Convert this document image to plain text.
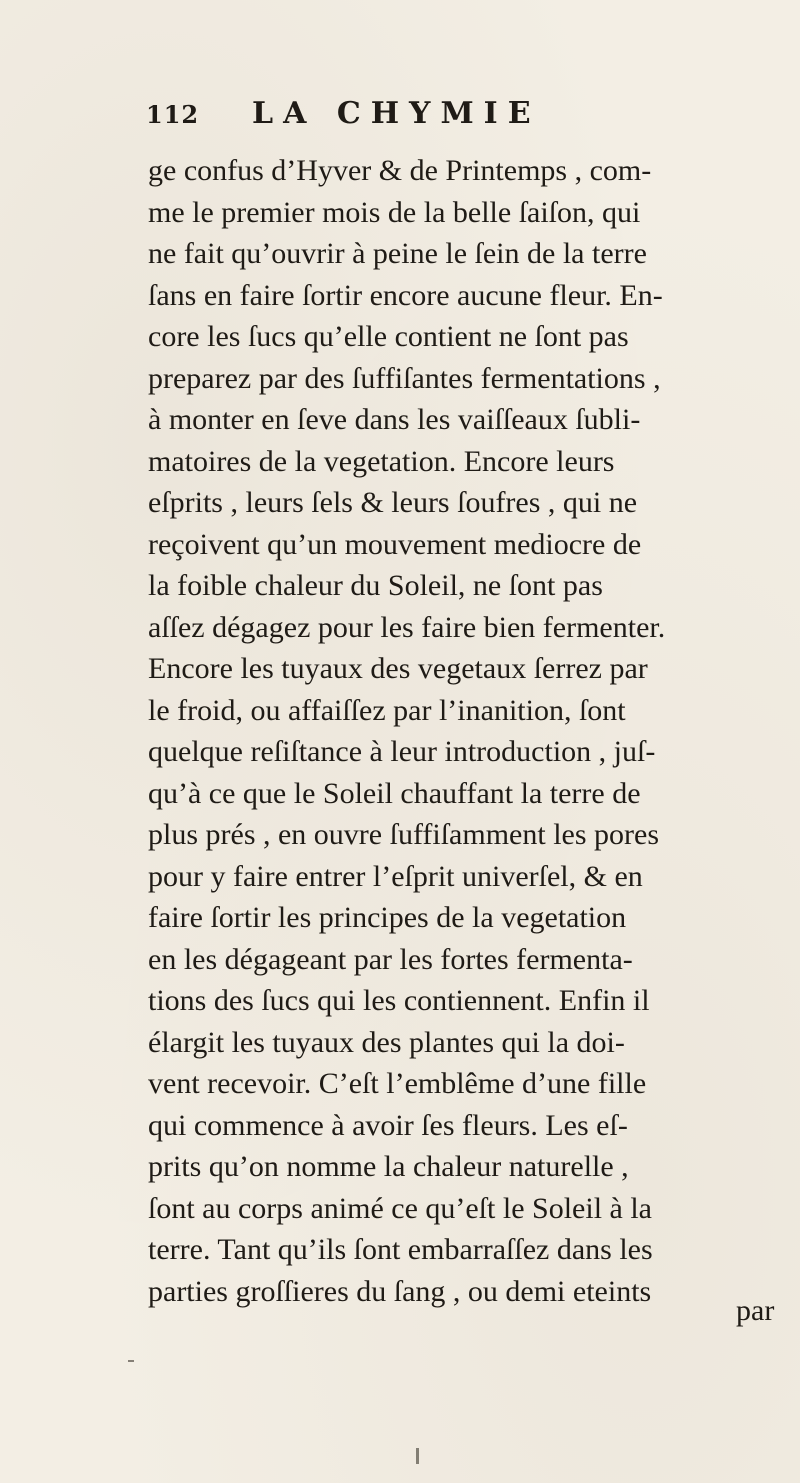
112 LA CHYMIE
ge confus d’Hyver & de Printemps , com-
me le premier mois de la belle ſaiſon, qui
ne fait qu’ouvrir à peine le ſein de la terre
ſans en faire ſortir encore aucune fleur. En-
core les ſucs qu’elle contient ne ſont pas
preparez par des ſuffiſantes fermentations ,
à monter en ſeve dans les vaiſſeaux ſubli-
matoires de la vegetation. Encore leurs
eſprits , leurs ſels & leurs ſoufres , qui ne
reçoivent qu’un mouvement mediocre de
la foible chaleur du Soleil, ne ſont pas
aſſez dégagez pour les faire bien fermenter.
Encore les tuyaux des vegetaux ſerrez par
le froid, ou affaiſſez par l’inanition, ſont
quelque reſiſtance à leur introduction , juſ-
qu’à ce que le Soleil chauffant la terre de
plus prés , en ouvre ſuffiſamment les pores
pour y faire entrer l’eſprit univerſel, & en
faire ſortir les principes de la vegetation
en les dégageant par les fortes fermenta-
tions des ſucs qui les contiennent. Enfin il
élargit les tuyaux des plantes qui la doi-
vent recevoir. C’eſt l’emblême d’une fille
qui commence à avoir ſes fleurs. Les eſ-
prits qu’on nomme la chaleur naturelle ,
ſont au corps animé ce qu’eſt le Soleil à la
terre. Tant qu’ils ſont embarraſſez dans les
parties groſſieres du ſang , ou demi eteints
par
